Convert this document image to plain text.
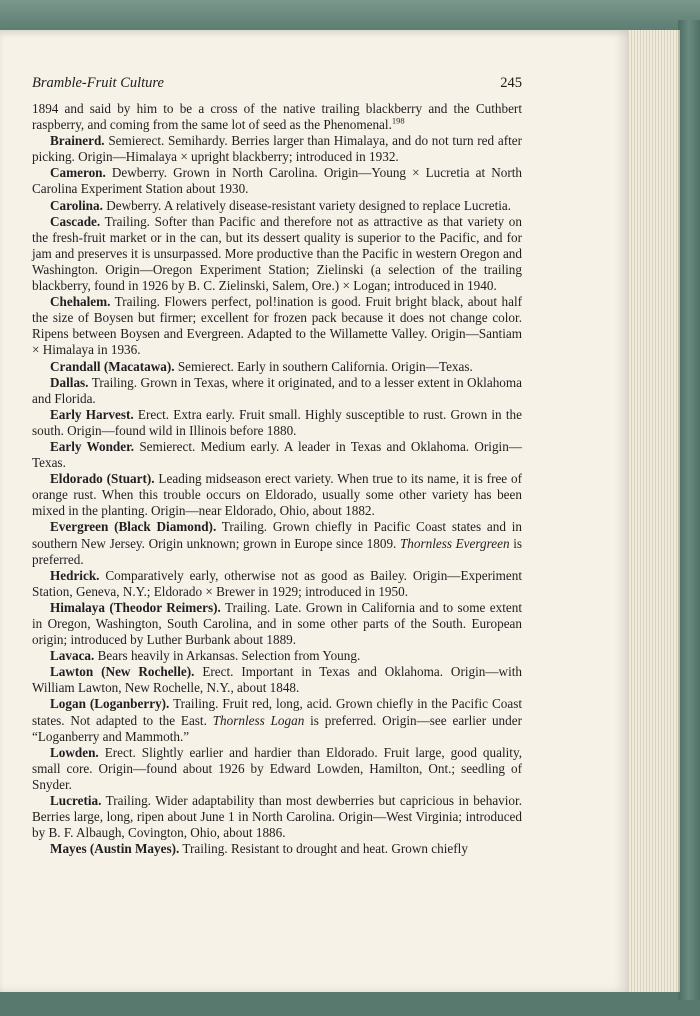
Bramble-Fruit Culture	245

1894 and said by him to be a cross of the native trailing blackberry and the Cuthbert raspberry, and coming from the same lot of seed as the Phenomenal.$^{198}$

Brainerd. Semierect. Semihardy. Berries larger than Himalaya, and do not turn red after picking. Origin—Himalaya × upright blackberry; introduced in 1932.

Cameron. Dewberry. Grown in North Carolina. Origin—Young × Lucretia at North Carolina Experiment Station about 1930.

Carolina. Dewberry. A relatively disease-resistant variety designed to replace Lucretia.

Cascade. Trailing. Softer than Pacific and therefore not as attractive as that variety on the fresh-fruit market or in the can, but its dessert quality is superior to the Pacific, and for jam and preserves it is unsurpassed. More productive than the Pacific in western Oregon and Washington. Origin—Oregon Experiment Station; Zielinski (a selection of the trailing blackberry, found in 1926 by B. C. Zielinski, Salem, Ore.) × Logan; introduced in 1940.

Chehalem. Trailing. Flowers perfect, pol!ination is good. Fruit bright black, about half the size of Boysen but firmer; excellent for frozen pack because it does not change color. Ripens between Boysen and Evergreen. Adapted to the Willamette Valley. Origin—Santiam × Himalaya in 1936.

Crandall (Macatawa). Semierect. Early in southern California. Origin—Texas.

Dallas. Trailing. Grown in Texas, where it originated, and to a lesser extent in Oklahoma and Florida.

Early Harvest. Erect. Extra early. Fruit small. Highly susceptible to rust. Grown in the south. Origin—found wild in Illinois before 1880.

Early Wonder. Semierect. Medium early. A leader in Texas and Oklahoma. Origin—Texas.

Eldorado (Stuart). Leading midseason erect variety. When true to its name, it is free of orange rust. When this trouble occurs on Eldorado, usually some other variety has been mixed in the planting. Origin—near Eldorado, Ohio, about 1882.

Evergreen (Black Diamond). Trailing. Grown chiefly in Pacific Coast states and in southern New Jersey. Origin unknown; grown in Europe since 1809. Thornless Evergreen is preferred.

Hedrick. Comparatively early, otherwise not as good as Bailey. Origin—Experiment Station, Geneva, N.Y.; Eldorado × Brewer in 1929; introduced in 1950.

Himalaya (Theodor Reimers). Trailing. Late. Grown in California and to some extent in Oregon, Washington, South Carolina, and in some other parts of the South. European origin; introduced by Luther Burbank about 1889.

Lavaca. Bears heavily in Arkansas. Selection from Young.

Lawton (New Rochelle). Erect. Important in Texas and Oklahoma. Origin—with William Lawton, New Rochelle, N.Y., about 1848.

Logan (Loganberry). Trailing. Fruit red, long, acid. Grown chiefly in the Pacific Coast states. Not adapted to the East. Thornless Logan is preferred. Origin—see earlier under “Loganberry and Mammoth.”

Lowden. Erect. Slightly earlier and hardier than Eldorado. Fruit large, good quality, small core. Origin—found about 1926 by Edward Lowden, Hamilton, Ont.; seedling of Snyder.

Lucretia. Trailing. Wider adaptability than most dewberries but capricious in behavior. Berries large, long, ripen about June 1 in North Carolina. Origin—West Virginia; introduced by B. F. Albaugh, Covington, Ohio, about 1886.

Mayes (Austin Mayes). Trailing. Resistant to drought and heat. Grown chiefly
